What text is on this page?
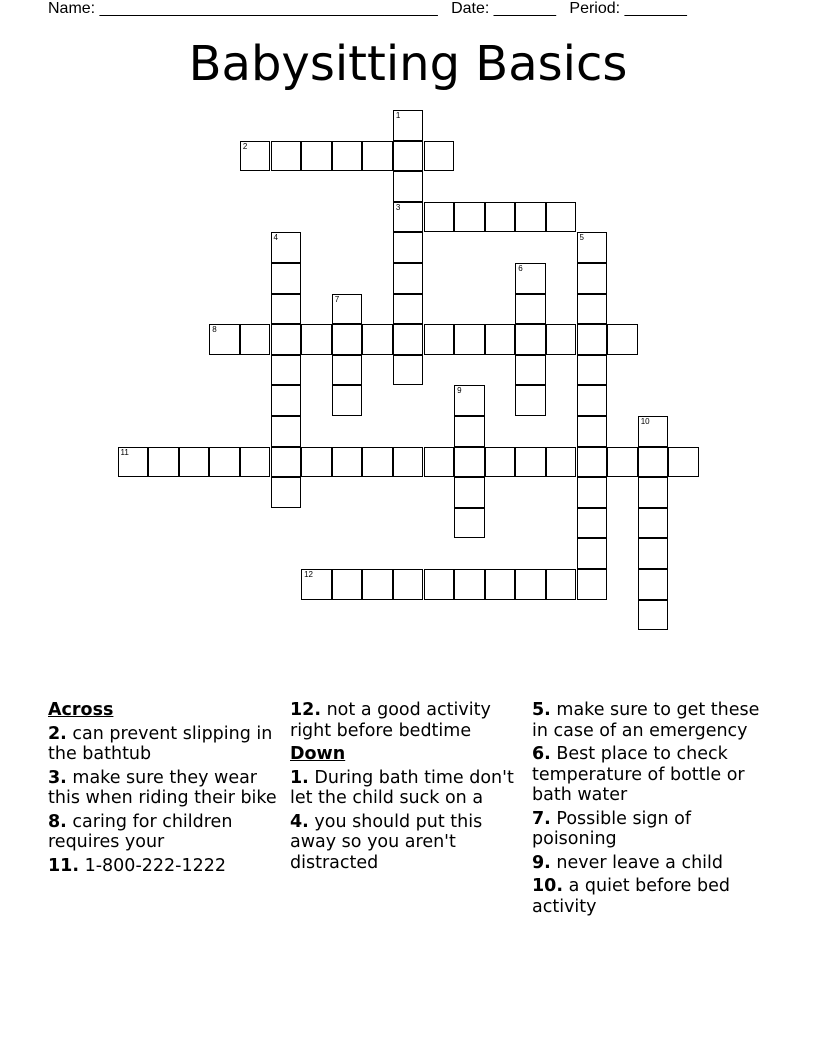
Name: ______________________________________ Date: _______ Period: _______
Babysitting Basics
1
3
2
4	5
6
7
8
9
10
11
12
Across
2. can prevent slipping in the bathtub
3. make sure they wear this when riding their bike
8. caring for children requires your
11. 1-800-222-1222
12. not a good activity right before bedtime
Down
1. During bath time don't let the child suck on a
4. you should put this away so you aren't distracted
5. make sure to get these in case of an emergency
6. Best place to check temperature of bottle or bath water
7. Possible sign of poisoning
9. never leave a child
10. a quiet before bed activity
